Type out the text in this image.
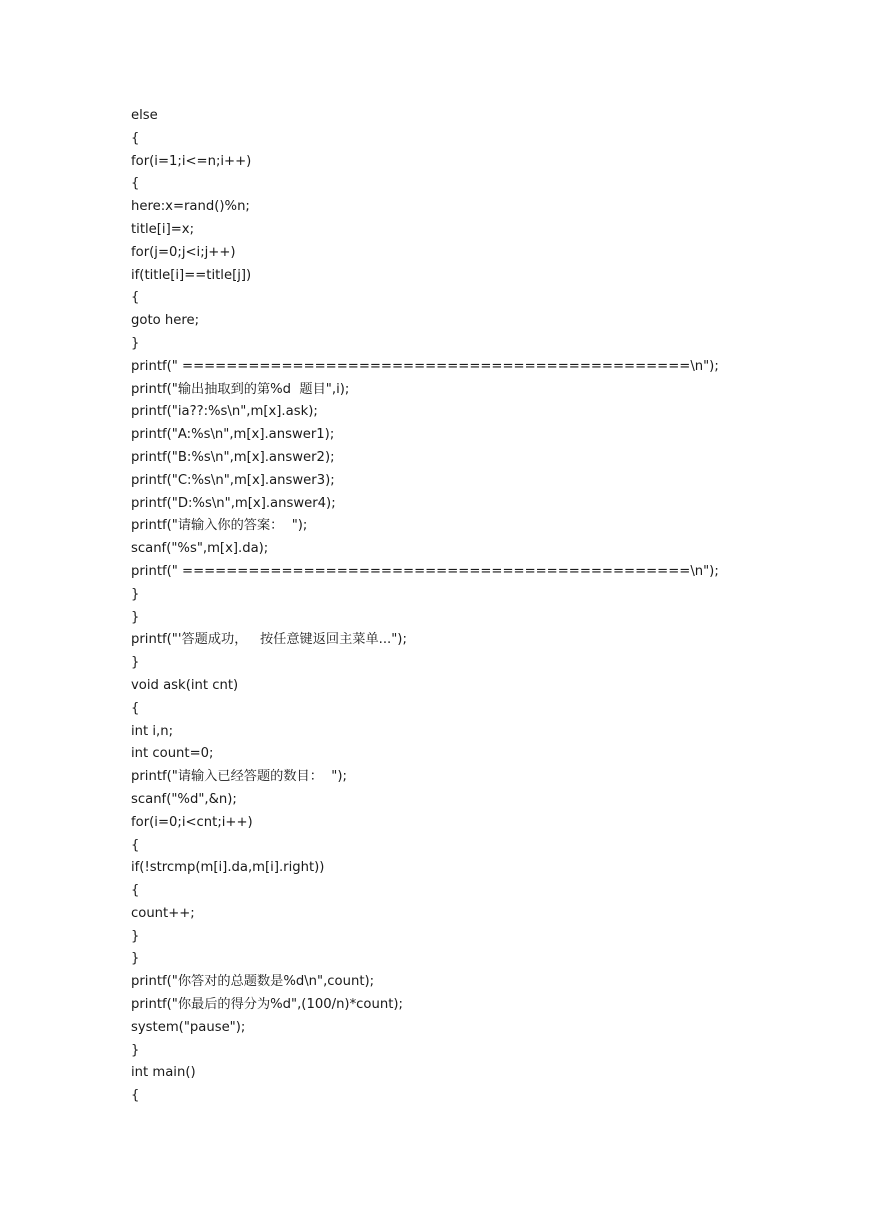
else
{
for(i=1;i<=n;i++)
{
here:x=rand()%n;
title[i]=x;
for(j=0;j<i;j++)
if(title[i]==title[j])
{
goto here;
}
printf(" ==============================================\n");
printf("输出抽取到的第%d  题目",i);
printf("ia??:%s\n",m[x].ask);
printf("A:%s\n",m[x].answer1);
printf("B:%s\n",m[x].answer2);
printf("C:%s\n",m[x].answer3);
printf("D:%s\n",m[x].answer4);
printf("请输入你的答案：  ");
scanf("%s",m[x].da);
printf(" ==============================================\n");
}
}
printf("'答题成功，   按任意键返回主菜单...");
}
void ask(int cnt)
{
int i,n;
int count=0;
printf("请输入已经答题的数目：  ");
scanf("%d",&n);
for(i=0;i<cnt;i++)
{
if(!strcmp(m[i].da,m[i].right))
{
count++;
}
}
printf("你答对的总题数是%d\n",count);
printf("你最后的得分为%d",(100/n)*count);
system("pause");
}
int main()
{
